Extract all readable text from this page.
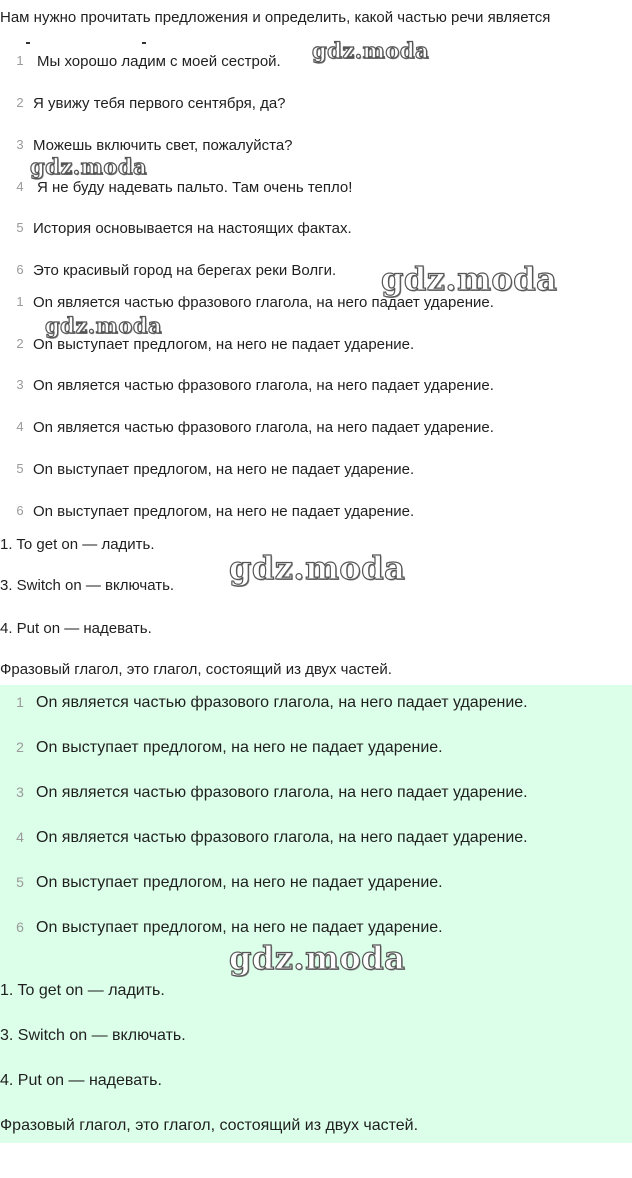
Нам нужно прочитать предложения и определить, какой частью речи является
1 Мы хорошо ладим с моей сестрой.
2 Я увижу тебя первого сентября, да?
3 Можешь включить свет, пожалуйста?
4 Я не буду надевать пальто. Там очень тепло!
5 История основывается на настоящих фактах.
6 Это красивый город на берегах реки Волги.
1 On является частью фразового глагола, на него падает ударение.
2 On выступает предлогом, на него не падает ударение.
3 On является частью фразового глагола, на него падает ударение.
4 On является частью фразового глагола, на него падает ударение.
5 On выступает предлогом, на него не падает ударение.
6 On выступает предлогом, на него не падает ударение.
1. To get on — ладить.
3. Switch on — включать.
4. Put on — надевать.
Фразовый глагол, это глагол, состоящий из двух частей.
1 On является частью фразового глагола, на него падает ударение.
2 On выступает предлогом, на него не падает ударение.
3 On является частью фразового глагола, на него падает ударение.
4 On является частью фразового глагола, на него падает ударение.
5 On выступает предлогом, на него не падает ударение.
6 On выступает предлогом, на него не падает ударение.
1. To get on — ладить.
3. Switch on — включать.
4. Put on — надевать.
Фразовый глагол, это глагол, состоящий из двух частей.
gdz.moda
gdz.moda
gdz.moda
gdz.moda
gdz.moda
gdz.moda
